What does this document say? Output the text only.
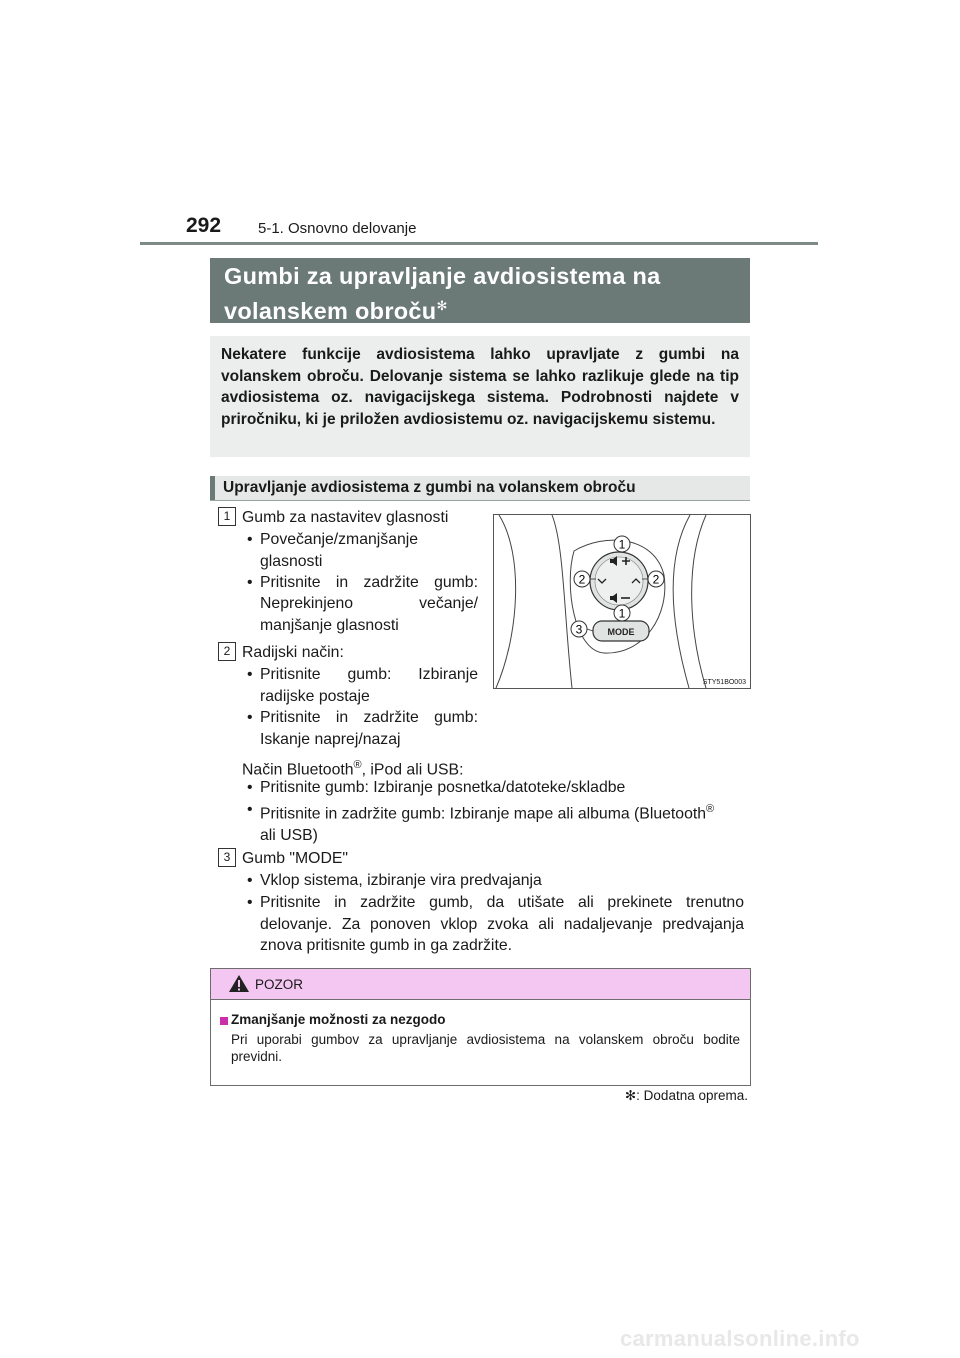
292 5-1. Osnovno delovanje
Gumbi za upravljanje avdiosistema na
volanskem obroču✻
Nekatere funkcije avdiosistema lahko upravljate z gumbi na volanskem obroču. Delovanje sistema se lahko razlikuje glede na tip avdiosistema oz. navigacijskega sistema. Podrobnosti najdete v priročniku, ki je priložen avdiosistemu oz. navigacijskemu sistemu.
Upravljanje avdiosistema z gumbi na volanskem obroču
1 Gumb za nastavitev glasnosti
• Povečanje/zmanjšanje glasnosti
• Pritisnite in zadržite gumb:
Neprekinjeno večanje/
manjšanje glasnosti
2 Radijski način:
• Pritisnite gumb: Izbiranje
radijske postaje
• Pritisnite in zadržite gumb:
Iskanje naprej/nazaj
Način Bluetooth®, iPod ali USB:
• Pritisnite gumb: Izbiranje posnetka/datoteke/skladbe
• Pritisnite in zadržite gumb: Izbiranje mape ali albuma (Bluetooth®
ali USB)
3 Gumb "MODE"
• Vklop sistema, izbiranje vira predvajanja
• Pritisnite in zadržite gumb, da utišate ali prekinete trenutno delovanje. Za ponoven vklop zvoka ali nadaljevanje predvajanja znova pritisnite gumb in ga zadržite.
MODE
1
2	2
1
3
STY51BO003
POZOR
Zmanjšanje možnosti za nezgodo
Pri uporabi gumbov za upravljanje avdiosistema na volanskem obroču bodite previdni.
✻: Dodatna oprema.
carmanualsonline.info
